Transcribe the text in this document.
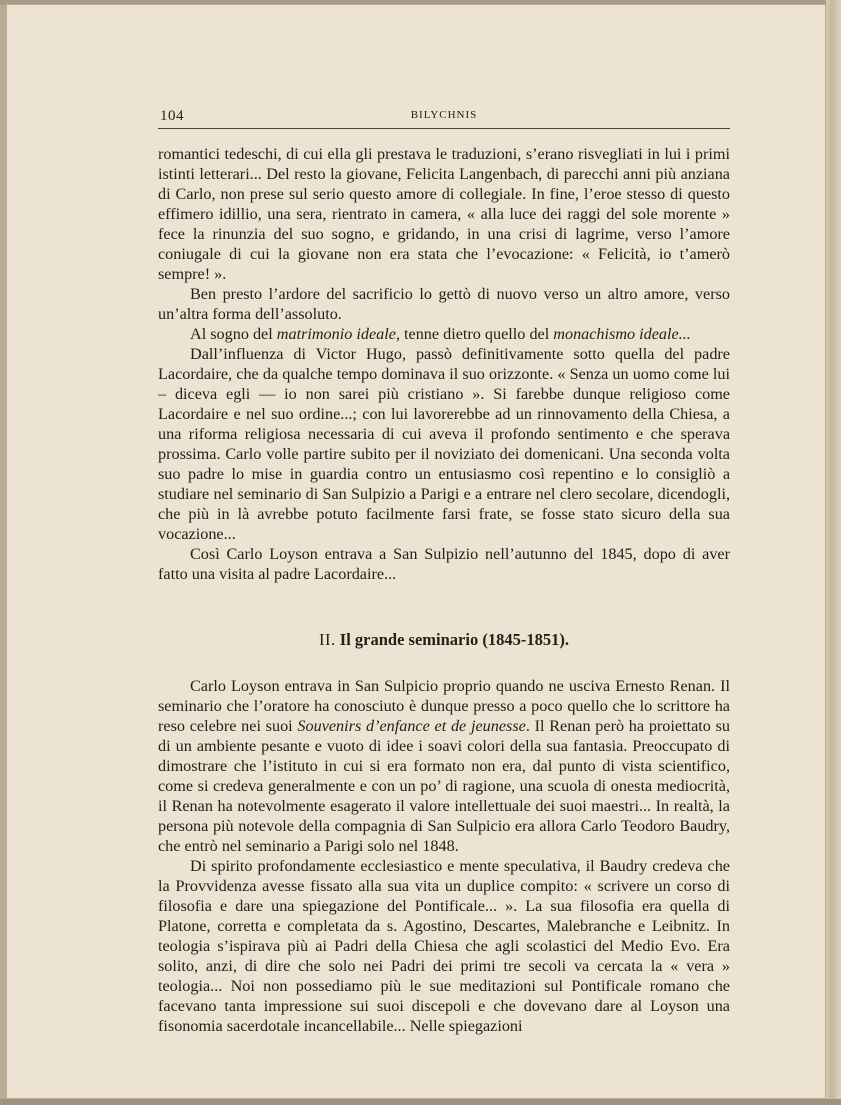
104	BILYCHNIS

romantici tedeschi, di cui ella gli prestava le traduzioni, s’erano risvegliati in lui i primi istinti letterari... Del resto la giovane, Felicita Langenbach, di parecchi anni più anziana di Carlo, non prese sul serio questo amore di collegiale. In fine, l’eroe stesso di questo effimero idillio, una sera, rientrato in camera, « alla luce dei raggi del sole morente » fece la rinunzia del suo sogno, e gridando, in una crisi di lagrime, verso l’amore coniugale di cui la giovane non era stata che l’evocazione: « Felicità, io t’amerò sempre! ».

Ben presto l’ardore del sacrificio lo gettò di nuovo verso un altro amore, verso un’altra forma dell’assoluto.

Al sogno del matrimonio ideale, tenne dietro quello del monachismo ideale...

Dall’influenza di Victor Hugo, passò definitivamente sotto quella del padre Lacordaire, che da qualche tempo dominava il suo orizzonte. « Senza un uomo come lui – diceva egli — io non sarei più cristiano ». Si farebbe dunque religioso come Lacordaire e nel suo ordine...; con lui lavorerebbe ad un rinnovamento della Chiesa, a una riforma religiosa necessaria di cui aveva il profondo sentimento e che sperava prossima. Carlo volle partire subito per il noviziato dei domenicani. Una seconda volta suo padre lo mise in guardia contro un entusiasmo così repentino e lo consigliò a studiare nel seminario di San Sulpizio a Parigi e a entrare nel clero secolare, dicendogli, che più in là avrebbe potuto facilmente farsi frate, se fosse stato sicuro della sua vocazione...

Così Carlo Loyson entrava a San Sulpizio nell’autunno del 1845, dopo di aver fatto una visita al padre Lacordaire...

II. Il grande seminario (1845-1851).

Carlo Loyson entrava in San Sulpicio proprio quando ne usciva Ernesto Renan. Il seminario che l’oratore ha conosciuto è dunque presso a poco quello che lo scrittore ha reso celebre nei suoi Souvenirs d’enfance et de jeunesse. Il Renan però ha proiettato su di un ambiente pesante e vuoto di idee i soavi colori della sua fantasia. Preoccupato di dimostrare che l’istituto in cui si era formato non era, dal punto di vista scientifico, come si credeva generalmente e con un po’ di ragione, una scuola di onesta mediocrità, il Renan ha notevolmente esagerato il valore intellettuale dei suoi maestri... In realtà, la persona più notevole della compagnia di San Sulpicio era allora Carlo Teodoro Baudry, che entrò nel seminario a Parigi solo nel 1848.

Di spirito profondamente ecclesiastico e mente speculativa, il Baudry credeva che la Provvidenza avesse fissato alla sua vita un duplice compito: « scrivere un corso di filosofia e dare una spiegazione del Pontificale... ». La sua filosofia era quella di Platone, corretta e completata da s. Agostino, Descartes, Malebranche e Leibnitz. In teologia s’ispirava più ai Padri della Chiesa che agli scolastici del Medio Evo. Era solito, anzi, di dire che solo nei Padri dei primi tre secoli va cercata la « vera » teologia... Noi non possediamo più le sue meditazioni sul Pontificale romano che facevano tanta impressione sui suoi discepoli e che dovevano dare al Loyson una fisonomia sacerdotale incancellabile... Nelle spiegazioni
